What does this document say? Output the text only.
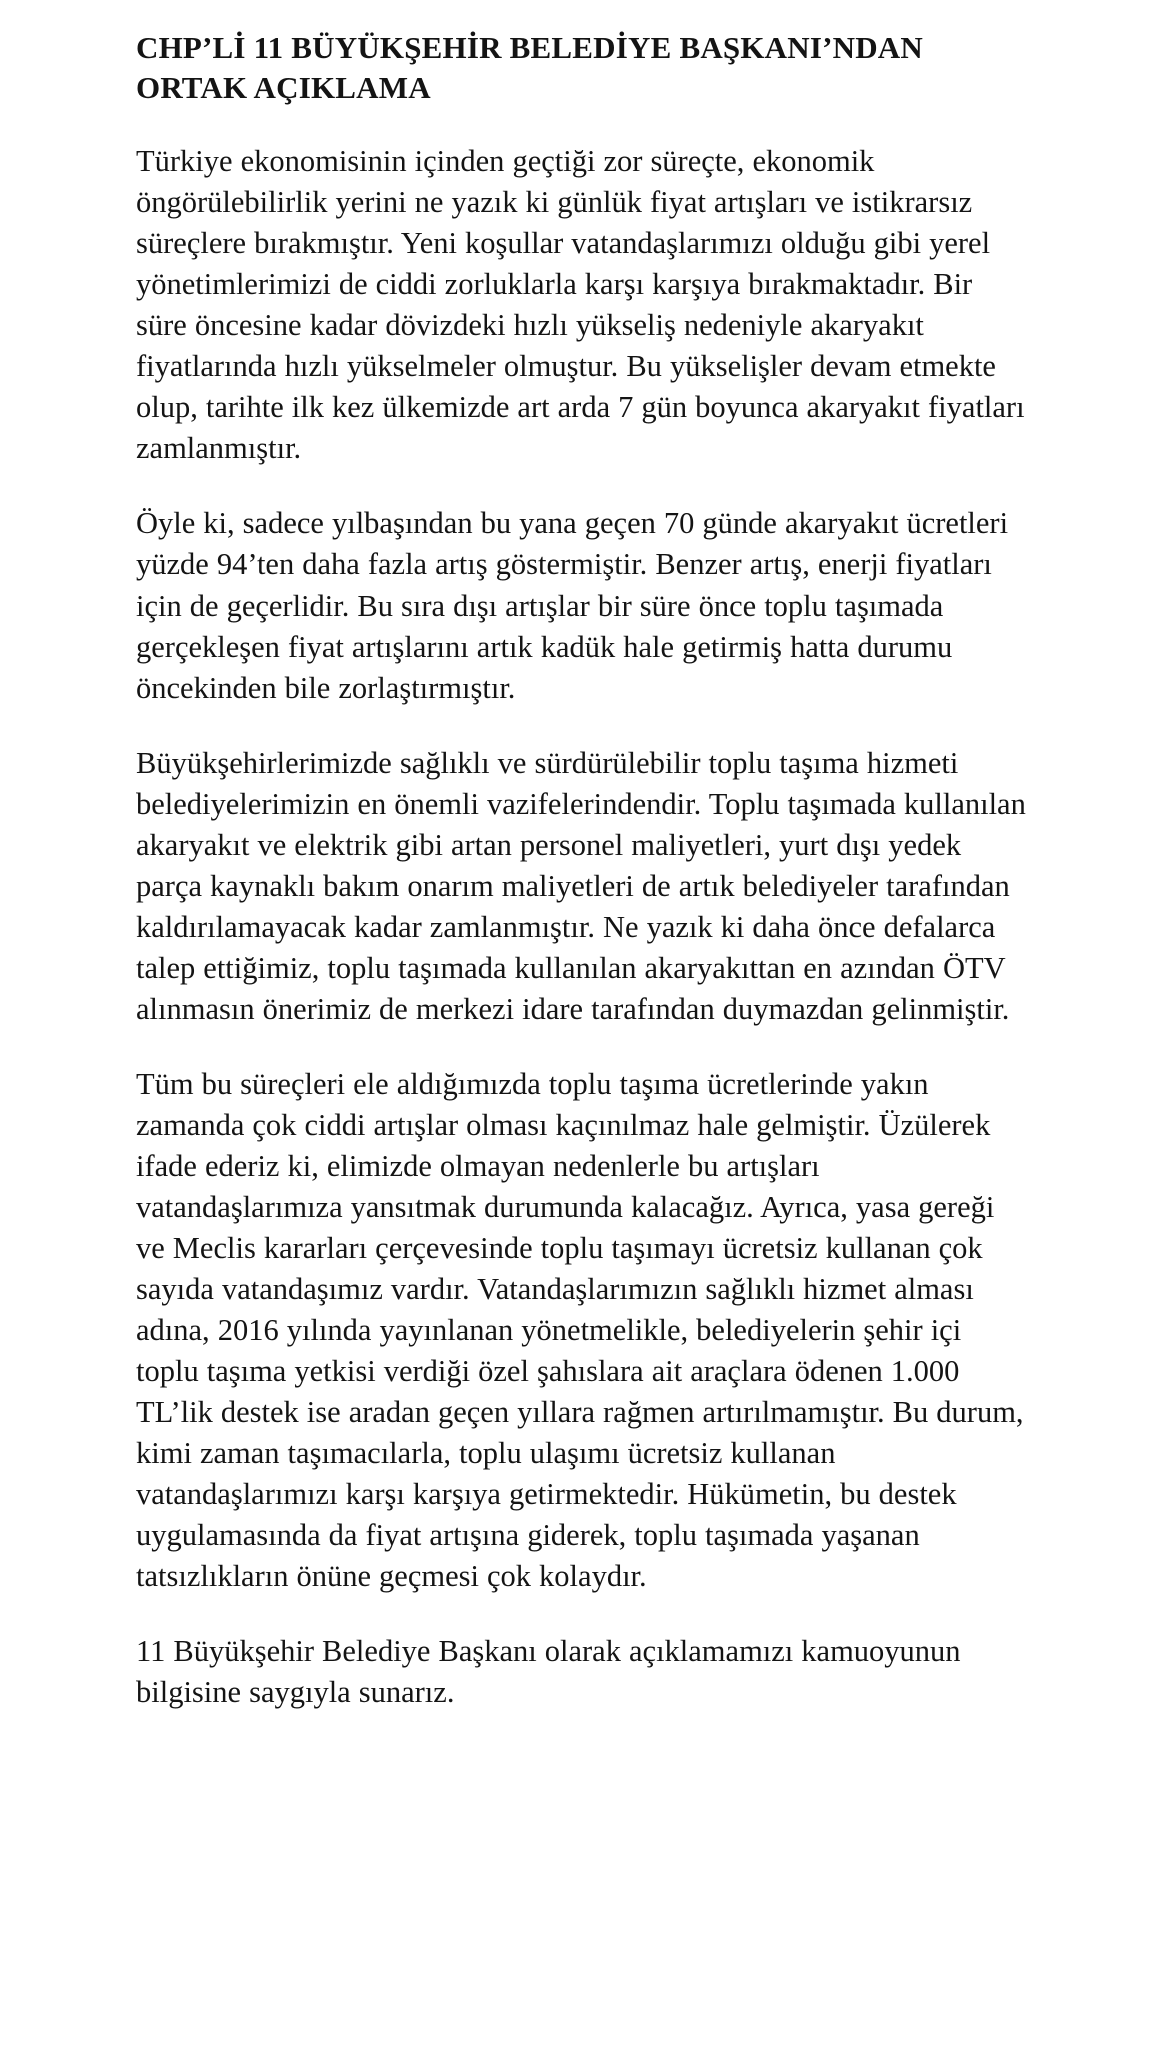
CHP’Lİ 11 BÜYÜKŞEHİR BELEDİYE BAŞKANI’NDAN ORTAK AÇIKLAMA

Türkiye ekonomisinin içinden geçtiği zor süreçte, ekonomik öngörülebilirlik yerini ne yazık ki günlük fiyat artışları ve istikrarsız süreçlere bırakmıştır. Yeni koşullar vatandaşlarımızı olduğu gibi yerel yönetimlerimizi de ciddi zorluklarla karşı karşıya bırakmaktadır. Bir süre öncesine kadar dövizdeki hızlı yükseliş nedeniyle akaryakıt fiyatlarında hızlı yükselmeler olmuştur. Bu yükselişler devam etmekte olup, tarihte ilk kez ülkemizde art arda 7 gün boyunca akaryakıt fiyatları zamlanmıştır.

Öyle ki, sadece yılbaşından bu yana geçen 70 günde akaryakıt ücretleri yüzde 94’ten daha fazla artış göstermiştir. Benzer artış, enerji fiyatları için de geçerlidir. Bu sıra dışı artışlar bir süre önce toplu taşımada gerçekleşen fiyat artışlarını artık kadük hale getirmiş hatta durumu öncekinden bile zorlaştırmıştır.

Büyükşehirlerimizde sağlıklı ve sürdürülebilir toplu taşıma hizmeti belediyelerimizin en önemli vazifelerindendir. Toplu taşımada kullanılan akaryakıt ve elektrik gibi artan personel maliyetleri, yurt dışı yedek parça kaynaklı bakım onarım maliyetleri de artık belediyeler tarafından kaldırılamayacak kadar zamlanmıştır. Ne yazık ki daha önce defalarca talep ettiğimiz, toplu taşımada kullanılan akaryakıttan en azından ÖTV alınmasın önerimiz de merkezi idare tarafından duymazdan gelinmiştir.

Tüm bu süreçleri ele aldığımızda toplu taşıma ücretlerinde yakın zamanda çok ciddi artışlar olması kaçınılmaz hale gelmiştir. Üzülerek ifade ederiz ki, elimizde olmayan nedenlerle bu artışları vatandaşlarımıza yansıtmak durumunda kalacağız. Ayrıca, yasa gereği ve Meclis kararları çerçevesinde toplu taşımayı ücretsiz kullanan çok sayıda vatandaşımız vardır. Vatandaşlarımızın sağlıklı hizmet alması adına, 2016 yılında yayınlanan yönetmelikle, belediyelerin şehir içi toplu taşıma yetkisi verdiği özel şahıslara ait araçlara ödenen 1.000 TL’lik destek ise aradan geçen yıllara rağmen artırılmamıştır. Bu durum, kimi zaman taşımacılarla, toplu ulaşımı ücretsiz kullanan vatandaşlarımızı karşı karşıya getirmektedir. Hükümetin, bu destek uygulamasında da fiyat artışına giderek, toplu taşımada yaşanan tatsızlıkların önüne geçmesi çok kolaydır.

11 Büyükşehir Belediye Başkanı olarak açıklamamızı kamuoyunun bilgisine saygıyla sunarız.
